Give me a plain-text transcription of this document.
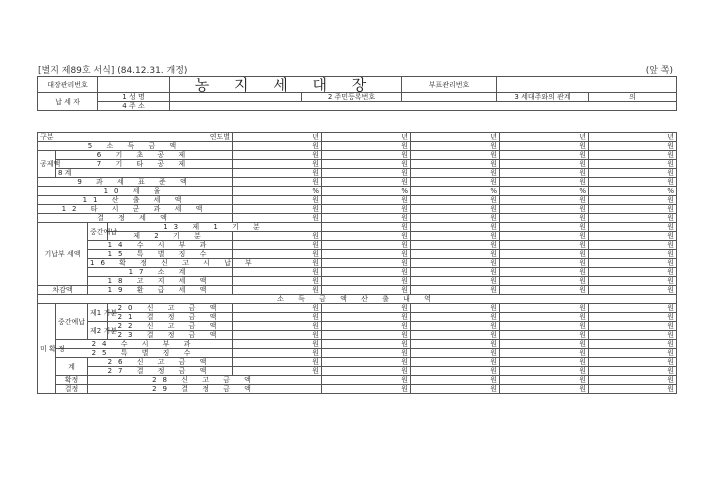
[별지 제89호 서식] (84.12.31. 개정)	(앞 쪽)
대장관리번호		농 지 세 대 장		부표관리번호		
납 세 자	1 성 명		2 주민등록번호		3 세대주와의 관계	의
	4 주 소					
구분 연도별				년	년	년	년	년	
5 소 득 금 액				원	원	원	원	원	
공제액	6 기 초 공 제			원	원	원	원	원	
	7 기 타 공 제			원	원	원	원	원	
	8 계			원	원	원	원	원	
9 과 세 표 준 액				원	원	원	원	원	
10 세 율				%	%	%	%	%	
11 산 출 세 액				원	원	원	원	원	
12 타 시 군 과 세 액				원	원	원	원	원	
결 정 세 액				원	원	원	원	원	
기납부 세액		중간예납	13 제 1 기 분		원	원	원	원	
			제 2 기 분	원	원	원	원	원	
		14 수 시 부 과		원	원	원	원	원	
		15 특 별 징 수		원	원	원	원	원	
		16 확 정 신 고 시 납 부		원	원	원	원	원	
		17 소 계		원	원	원	원	원	
		18 고 지 세 액		원	원	원	원	원	
차감액		19 환 급 세 액		원	원	원	원	원	
소 득 금 액 산 출 내 역									
미 확 정	중간예납	제1 기분	20 신 고 금 액	원	원	원	원	원	
			21 결 정 금 액	원	원	원	원	원	
		제2 기분	22 신 고 금 액	원	원	원	원	원	
			23 결 정 금 액	원	원	원	원	원	
	24 수 시 부 과			원	원	원	원	원	
	25 특 별 징 수			원	원	원	원	원	
	계	26 신 고 금 액		원	원	원	원	원	
		27 결 정 금 액		원	원	원	원	원	
	확정	28 신 고 금 액			원	원	원	원	
	결정	29 결 정 금 액			원	원	원	원	
